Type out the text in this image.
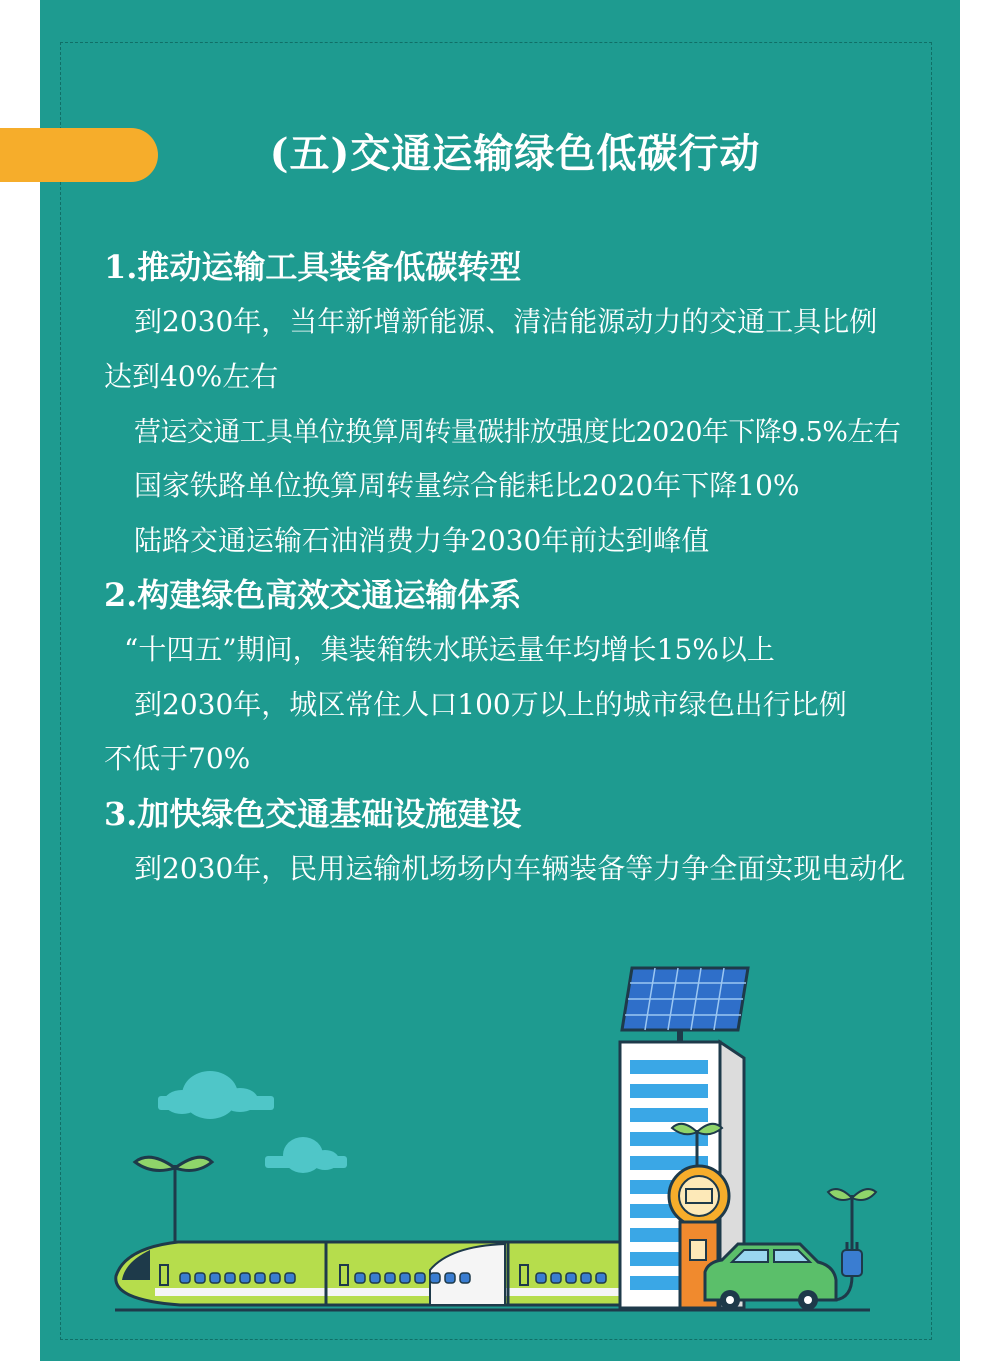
(五)交通运输绿色低碳行动
1.推动运输工具装备低碳转型
到2030年，当年新增新能源、清洁能源动力的交通工具比例
达到40%左右
营运交通工具单位换算周转量碳排放强度比2020年下降9.5%左右
国家铁路单位换算周转量综合能耗比2020年下降10%
陆路交通运输石油消费力争2030年前达到峰值
2.构建绿色高效交通运输体系
“十四五”期间，集装箱铁水联运量年均增长15%以上
到2030年，城区常住人口100万以上的城市绿色出行比例
不低于70%
3.加快绿色交通基础设施建设
到2030年，民用运输机场场内车辆装备等力争全面实现电动化
